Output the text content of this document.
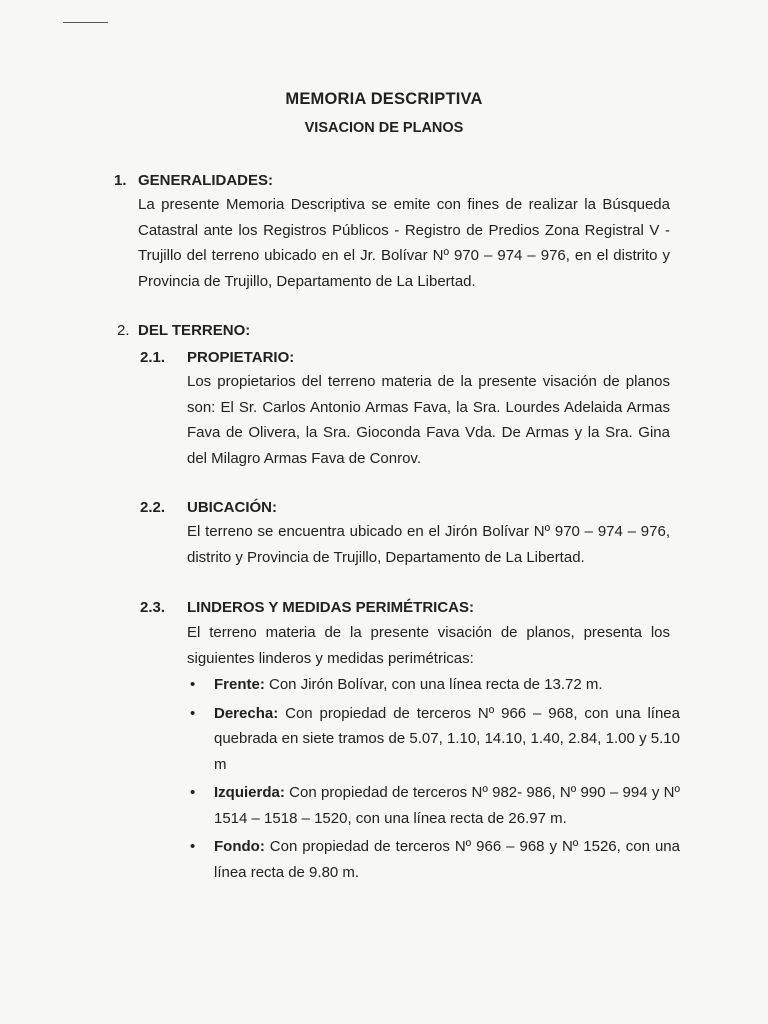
MEMORIA DESCRIPTIVA
VISACION DE PLANOS
1. GENERALIDADES:

La presente Memoria Descriptiva se emite con fines de realizar la Búsqueda Catastral ante los Registros Públicos - Registro de Predios Zona Registral V - Trujillo del terreno ubicado en el Jr. Bolívar Nº 970 – 974 – 976, en el distrito y Provincia de Trujillo, Departamento de La Libertad.

2. DEL TERRENO:
2.1. PROPIETARIO:

Los propietarios del terreno materia de la presente visación de planos son: El Sr. Carlos Antonio Armas Fava, la Sra. Lourdes Adelaida Armas Fava de Olivera, la Sra. Gioconda Fava Vda. De Armas y la Sra. Gina del Milagro Armas Fava de Conrov.

2.2. UBICACIÓN:

El terreno se encuentra ubicado en el Jirón Bolívar Nº 970 – 974 – 976, distrito y Provincia de Trujillo, Departamento de La Libertad.

2.3. LINDEROS Y MEDIDAS PERIMÉTRICAS:

El terreno materia de la presente visación de planos, presenta los siguientes linderos y medidas perimétricas:

• Frente: Con Jirón Bolívar, con una línea recta de 13.72 m.
• Derecha: Con propiedad de terceros Nº 966 – 968, con una línea quebrada en siete tramos de 5.07, 1.10, 14.10, 1.40, 2.84, 1.00 y 5.10 m
• Izquierda: Con propiedad de terceros Nº 982- 986, Nº 990 – 994 y Nº 1514 – 1518 – 1520, con una línea recta de 26.97 m.
• Fondo: Con propiedad de terceros Nº 966 – 968 y Nº 1526, con una línea recta de 9.80 m.
